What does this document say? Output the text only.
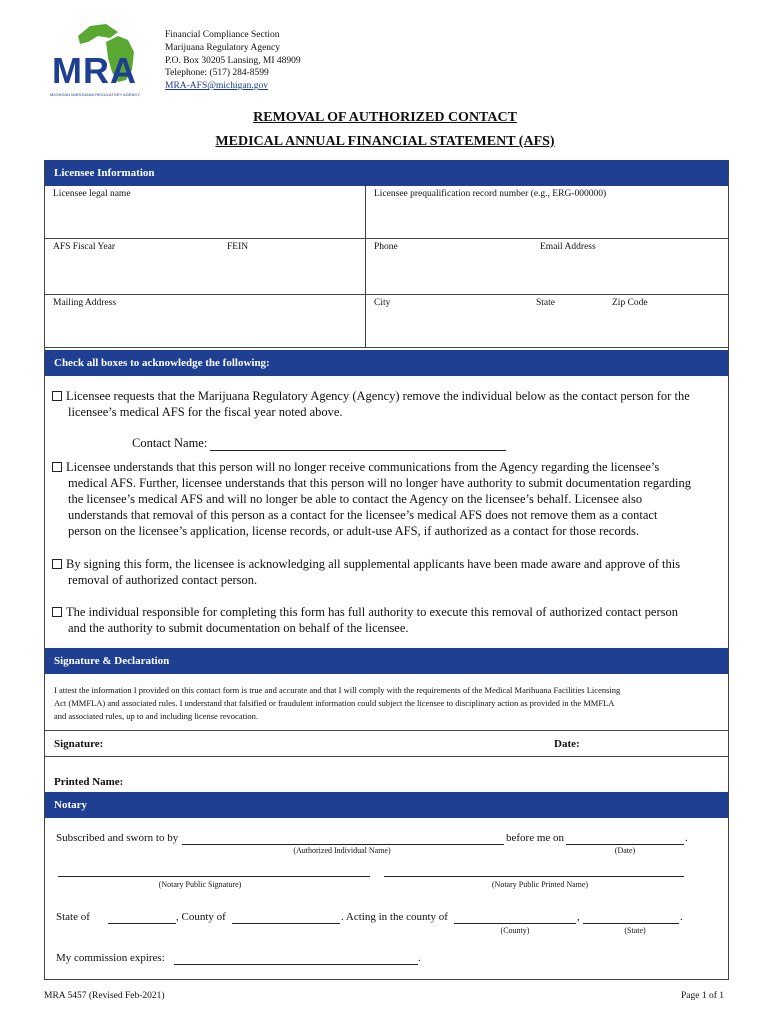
MRA
MICHIGAN MARIJUANA REGULATORY AGENCY
Financial Compliance Section
Marijuana Regulatory Agency
P.O. Box 30205 Lansing, MI 48909
Telephone: (517) 284-8599
MRA-AFS@michigan.gov
REMOVAL OF AUTHORIZED CONTACT
MEDICAL ANNUAL FINANCIAL STATEMENT (AFS)
Licensee Information
Licensee legal name	Licensee prequalification record number (e.g., ERG-000000)
AFS Fiscal Year	FEIN	Phone	Email Address
Mailing Address	City	State	Zip Code
Check all boxes to acknowledge the following:
Licensee requests that the Marijuana Regulatory Agency (Agency) remove the individual below as the contact person for the
licensee’s medical AFS for the fiscal year noted above.
Contact Name:
Licensee understands that this person will no longer receive communications from the Agency regarding the licensee’s
medical AFS. Further, licensee understands that this person will no longer have authority to submit documentation regarding
the licensee’s medical AFS and will no longer be able to contact the Agency on the licensee’s behalf. Licensee also
understands that removal of this person as a contact for the licensee’s medical AFS does not remove them as a contact
person on the licensee’s application, license records, or adult-use AFS, if authorized as a contact for those records.
By signing this form, the licensee is acknowledging all supplemental applicants have been made aware and approve of this
removal of authorized contact person.
The individual responsible for completing this form has full authority to execute this removal of authorized contact person
and the authority to submit documentation on behalf of the licensee.
Signature & Declaration
I attest the information I provided on this contact form is true and accurate and that I will comply with the requirements of the Medical Marihuana Facilities Licensing
Act (MMFLA) and associated rules. I understand that falsified or fraudulent information could subject the licensee to disciplinary action as provided in the MMFLA
and associated rules, up to and including license revocation.
Signature:	Date:
Printed Name:
Notary
Subscribed and sworn to by	before me on	.
(Authorized Individual Name)	(Date)
(Notary Public Signature)	(Notary Public Printed Name)
State of	, County of	. Acting in the county of	,	.
(County)	(State)
My commission expires:	.
MRA 5457 (Revised Feb-2021)	Page 1 of 1
